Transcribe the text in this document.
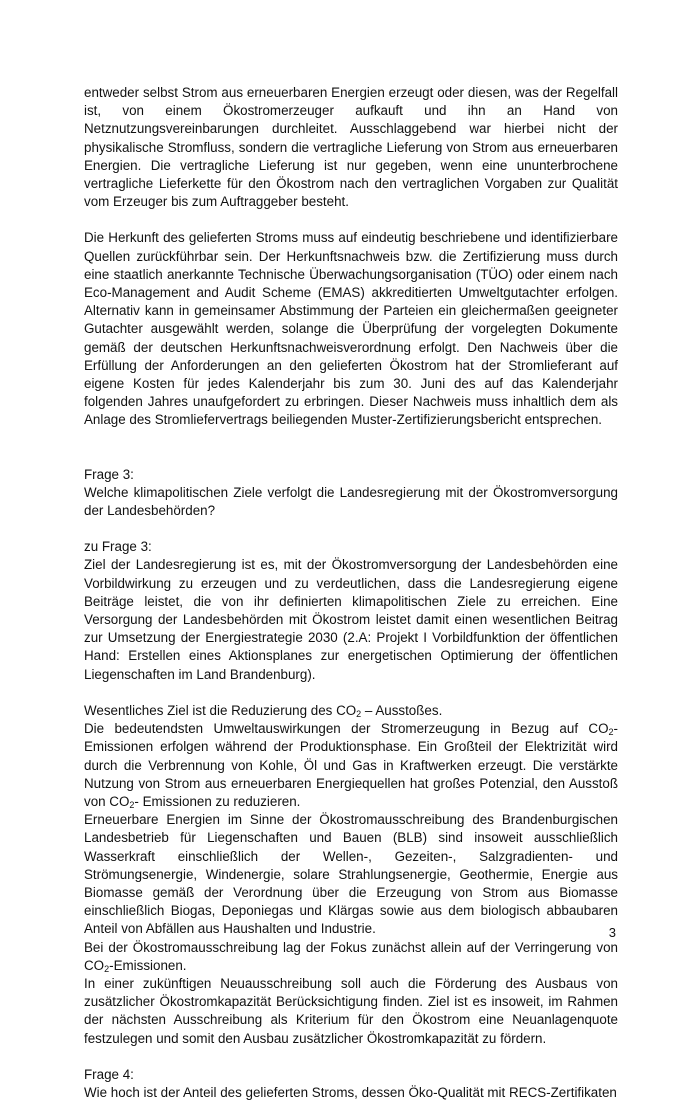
entweder selbst Strom aus erneuerbaren Energien erzeugt oder diesen, was der Regelfall ist, von einem Ökostromerzeuger aufkauft und ihn an Hand von Netznutzungsvereinbarungen durchleitet. Ausschlaggebend war hierbei nicht der physikalische Stromfluss, sondern die vertragliche Lieferung von Strom aus erneuerbaren Energien. Die vertragliche Lieferung ist nur gegeben, wenn eine ununterbrochene vertragliche Lieferkette für den Ökostrom nach den vertraglichen Vorgaben zur Qualität vom Erzeuger bis zum Auftraggeber besteht.

Die Herkunft des gelieferten Stroms muss auf eindeutig beschriebene und identifizierbare Quellen zurückführbar sein. Der Herkunftsnachweis bzw. die Zertifizierung muss durch eine staatlich anerkannte Technische Überwachungsorganisation (TÜO) oder einem nach Eco-Management and Audit Scheme (EMAS) akkreditierten Umweltgutachter erfolgen. Alternativ kann in gemeinsamer Abstimmung der Parteien ein gleichermaßen geeigneter Gutachter ausgewählt werden, solange die Überprüfung der vorgelegten Dokumente gemäß der deutschen Herkunftsnachweisverordnung erfolgt. Den Nachweis über die Erfüllung der Anforderungen an den gelieferten Ökostrom hat der Stromlieferant auf eigene Kosten für jedes Kalenderjahr bis zum 30. Juni des auf das Kalenderjahr folgenden Jahres unaufgefordert zu erbringen. Dieser Nachweis muss inhaltlich dem als Anlage des Stromliefervertrags beiliegenden Muster-Zertifizierungsbericht entsprechen.

Frage 3:

Welche klimapolitischen Ziele verfolgt die Landesregierung mit der Ökostromversorgung der Landesbehörden?

zu Frage 3:

Ziel der Landesregierung ist es, mit der Ökostromversorgung der Landesbehörden eine Vorbildwirkung zu erzeugen und zu verdeutlichen, dass die Landesregierung eigene Beiträge leistet, die von ihr definierten klimapolitischen Ziele zu erreichen. Eine Versorgung der Landesbehörden mit Ökostrom leistet damit einen wesentlichen Beitrag zur Umsetzung der Energiestrategie 2030 (2.A: Projekt I Vorbildfunktion der öffentlichen Hand: Erstellen eines Aktionsplanes zur energetischen Optimierung der öffentlichen Liegenschaften im Land Brandenburg).

Wesentliches Ziel ist die Reduzierung des $CO_2$ – Ausstoßes.

Die bedeutendsten Umweltauswirkungen der Stromerzeugung in Bezug auf $CO_2$-Emissionen erfolgen während der Produktionsphase. Ein Großteil der Elektrizität wird durch die Verbrennung von Kohle, Öl und Gas in Kraftwerken erzeugt. Die verstärkte Nutzung von Strom aus erneuerbaren Energiequellen hat großes Potenzial, den Ausstoß von $CO_2-$ Emissionen zu reduzieren.

Erneuerbare Energien im Sinne der Ökostromausschreibung des Brandenburgischen Landesbetrieb für Liegenschaften und Bauen (BLB) sind insoweit ausschließlich Wasserkraft einschließlich der Wellen-, Gezeiten-, Salzgradienten- und Strömungsenergie, Windenergie, solare Strahlungsenergie, Geothermie, Energie aus Biomasse gemäß der Verordnung über die Erzeugung von Strom aus Biomasse einschließlich Biogas, Deponiegas und Klärgas sowie aus dem biologisch abbaubaren Anteil von Abfällen aus Haushalten und Industrie.

Bei der Ökostromausschreibung lag der Fokus zunächst allein auf der Verringerung von $CO_2$-Emissionen.

In einer zukünftigen Neuausschreibung soll auch die Förderung des Ausbaus von zusätzlicher Ökostromkapazität Berücksichtigung finden. Ziel ist es insoweit, im Rahmen der nächsten Ausschreibung als Kriterium für den Ökostrom eine Neuanlagenquote festzulegen und somit den Ausbau zusätzlicher Ökostromkapazität zu fördern.

Frage 4:

Wie hoch ist der Anteil des gelieferten Stroms, dessen Öko-Qualität mit RECS-Zertifikaten

3
